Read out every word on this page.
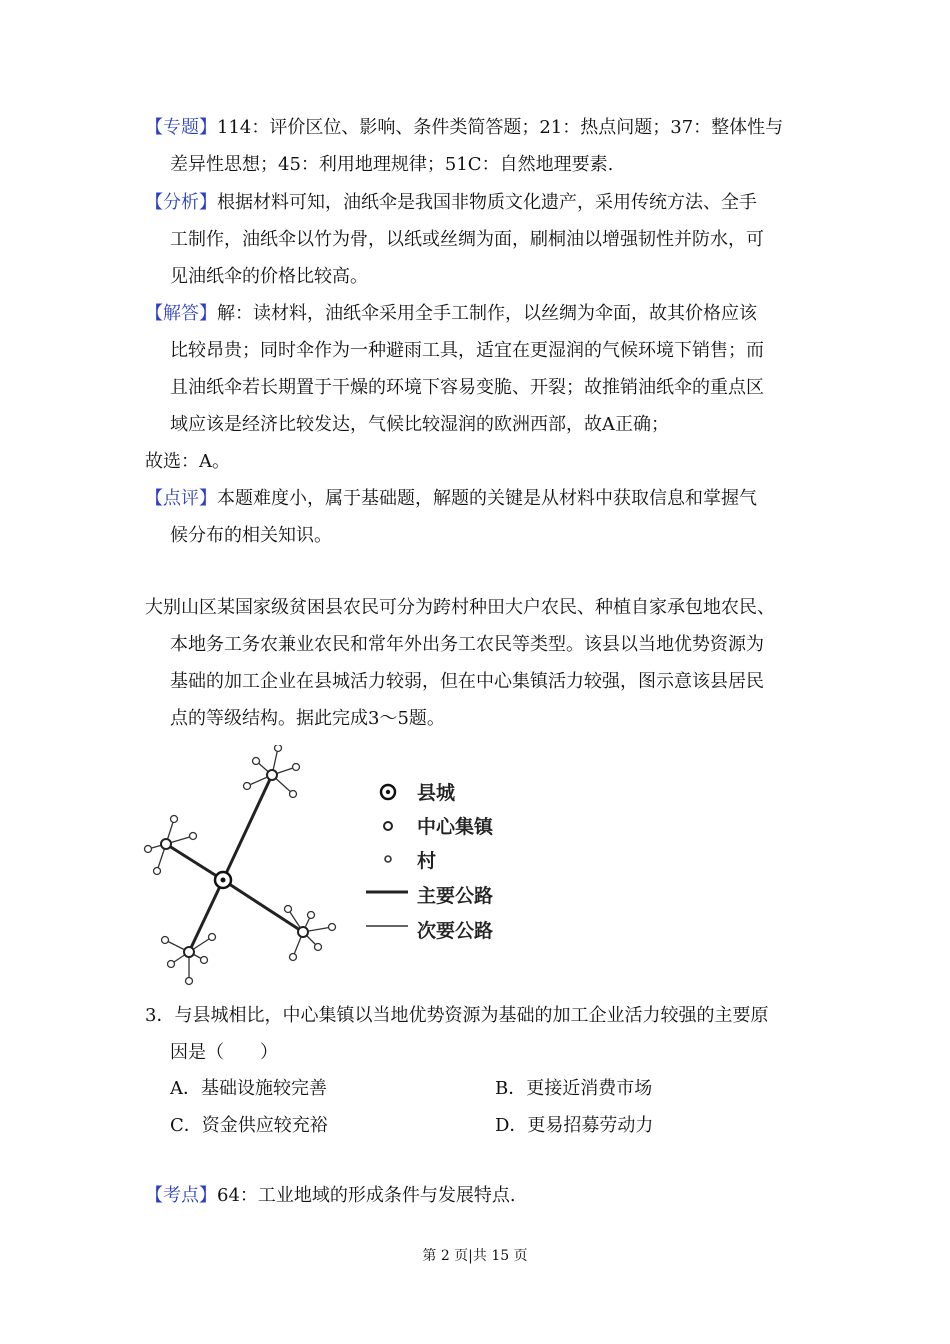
【专题】114：评价区位、影响、条件类简答题；21：热点问题；37：整体性与
差异性思想；45：利用地理规律；51C：自然地理要素.
【分析】根据材料可知，油纸伞是我国非物质文化遗产，采用传统方法、全手
工制作，油纸伞以竹为骨，以纸或丝绸为面，刷桐油以增强韧性并防水，可
见油纸伞的价格比较高。
【解答】解：读材料，油纸伞采用全手工制作，以丝绸为伞面，故其价格应该
比较昂贵；同时伞作为一种避雨工具，适宜在更湿润的气候环境下销售；而
且油纸伞若长期置于干燥的环境下容易变脆、开裂；故推销油纸伞的重点区
域应该是经济比较发达，气候比较湿润的欧洲西部，故A正确；
故选：A。
【点评】本题难度小，属于基础题，解题的关键是从材料中获取信息和掌握气
候分布的相关知识。
大别山区某国家级贫困县农民可分为跨村种田大户农民、种植自家承包地农民、
本地务工务农兼业农民和常年外出务工农民等类型。该县以当地优势资源为
基础的加工企业在县城活力较弱，但在中心集镇活力较强，图示意该县居民
点的等级结构。据此完成3～5题。
县城
中心集镇
村
主要公路
次要公路
3．与县城相比，中心集镇以当地优势资源为基础的加工企业活力较强的主要原
因是（　　）
A．基础设施较完善	B．更接近消费市场
C．资金供应较充裕	D．更易招募劳动力
【考点】64：工业地域的形成条件与发展特点.
第 2 页|共 15 页
